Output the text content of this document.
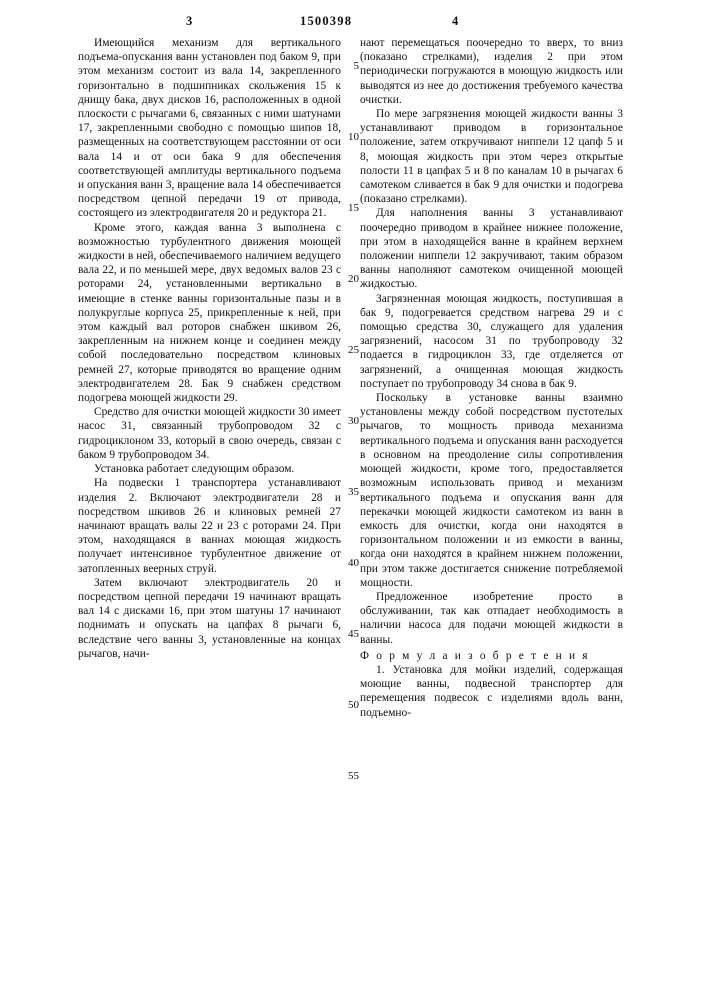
3	1500398	4
5
10
15
20
25
30
35
40
45
50
55

Имеющийся механизм для вертикального подъема-опускания ванн установлен под баком 9, при этом механизм состоит из вала 14, закрепленного горизонтально в подшипниках скольжения 15 к днищу бака, двух дисков 16, расположенных в одной плоскости с рычагами 6, связанных с ними шатунами 17, закрепленными свободно с помощью шипов 18, размещенных на соответствующем расстоянии от оси вала 14 и от оси бака 9 для обеспечения соответствующей амплитуды вертикального подъема и опускания ванн 3, вращение вала 14 обеспечивается посредством цепной передачи 19 от привода, состоящего из электродвигателя 20 и редуктора 21.

Кроме этого, каждая ванна 3 выполнена с возможностью турбулентного движения моющей жидкости в ней, обеспечиваемого наличием ведущего вала 22, и по меньшей мере, двух ведомых валов 23 с роторами 24, установленными вертикально в имеющие в стенке ванны горизонтальные пазы и в полукруглые корпуса 25, прикрепленные к ней, при этом каждый вал роторов снабжен шкивом 26, закрепленным на нижнем конце и соединен между собой последовательно посредством клиновых ремней 27, которые приводятся во вращение одним электродвигателем 28. Бак 9 снабжен средством подогрева моющей жидкости 29.

Средство для очистки моющей жидкости 30 имеет насос 31, связанный трубопроводом 32 с гидроциклоном 33, который в свою очередь, связан с баком 9 трубопроводом 34.

Установка работает следующим образом.

На подвески 1 транспортера устанавливают изделия 2. Включают электродвигатели 28 и посредством шкивов 26 и клиновых ремней 27 начинают вращать валы 22 и 23 с роторами 24. При этом, находящаяся в ваннах моющая жидкость получает интенсивное турбулентное движение от затопленных веерных струй.

Затем включают электродвигатель 20 и посредством цепной передачи 19 начинают вращать вал 14 с дисками 16, при этом шатуны 17 начинают поднимать и опускать на цапфах 8 рычаги 6, вследствие чего ванны 3, установленные на концах рычагов, начи-

нают перемещаться поочередно то вверх, то вниз (показано стрелками), изделия 2 при этом периодически погружаются в моющую жидкость или выводятся из нее до достижения требуемого качества очистки.

По мере загрязнения моющей жидкости ванны 3 устанавливают приводом в горизонтальное положение, затем откручивают ниппели 12 цапф 5 и 8, моющая жидкость при этом через открытые полости 11 в цапфах 5 и 8 по каналам 10 в рычагах 6 самотеком сливается в бак 9 для очистки и подогрева (показано стрелками).

Для наполнения ванны 3 устанавливают поочередно приводом в крайнее нижнее положение, при этом в находящейся ванне в крайнем верхнем положении ниппели 12 закручивают, таким образом ванны наполняют самотеком очищенной моющей жидкостью.

Загрязненная моющая жидкость, поступившая в бак 9, подогревается средством нагрева 29 и с помощью средства 30, служащего для удаления загрязнений, насосом 31 по трубопроводу 32 подается в гидроциклон 33, где отделяется от загрязнений, а очищенная моющая жидкость поступает по трубопроводу 34 снова в бак 9.

Поскольку в установке ванны взаимно установлены между собой посредством пустотелых рычагов, то мощность привода механизма вертикального подъема и опускания ванн расходуется в основном на преодоление силы сопротивления моющей жидкости, кроме того, предоставляется возможным использовать привод и механизм вертикального подъема и опускания ванн для перекачки моющей жидкости самотеком из ванн в емкость для очистки, когда они находятся в горизонтальном положении и из емкости в ванны, когда они находятся в крайнем нижнем положении, при этом также достигается снижение потребляемой мощности.

Предложенное изобретение просто в обслуживании, так как отпадает необходимость в наличии насоса для подачи моющей жидкости в ванны.

Ф о р м у л а и з о б р е т е н и я

1. Установка для мойки изделий, содержащая моющие ванны, подвесной транспортер для перемещения подвесок с изделиями вдоль ванн, подъемно-
